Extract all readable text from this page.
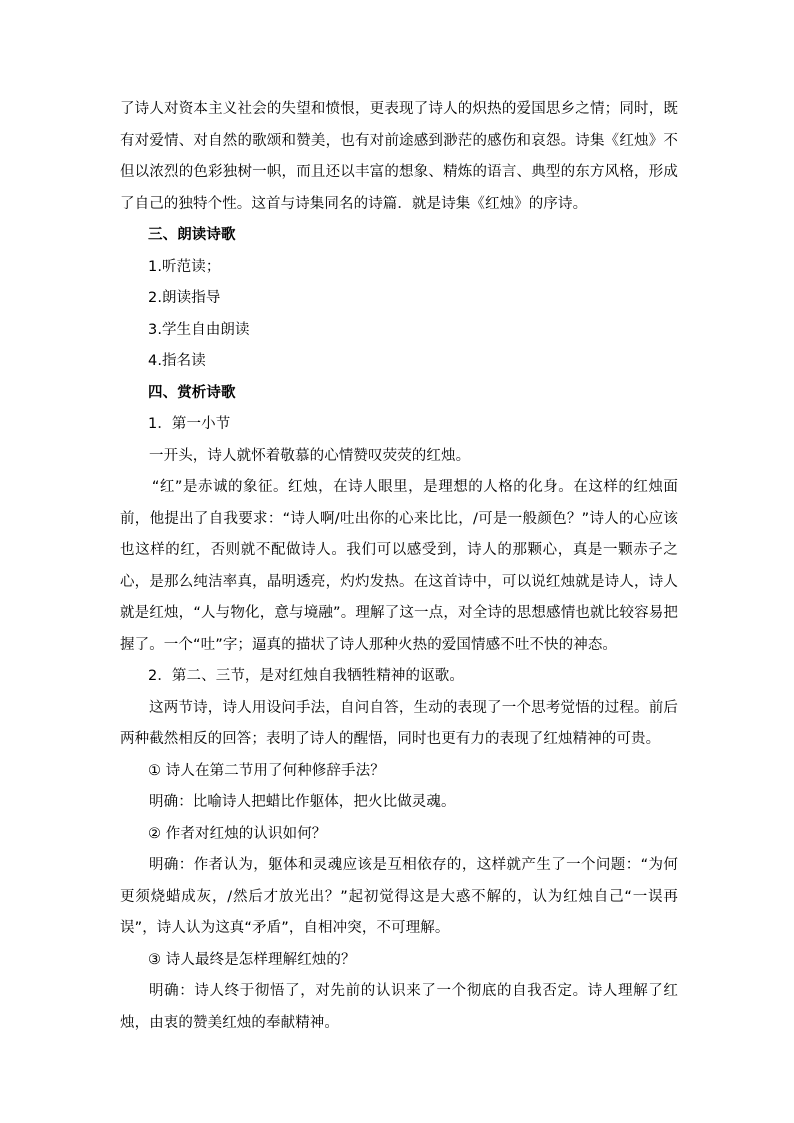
了诗人对资本主义社会的失望和愤恨，更表现了诗人的炽热的爱国思乡之情；同时，既有对爱情、对自然的歌颂和赞美，也有对前途感到渺茫的感伤和哀怨。诗集《红烛》不但以浓烈的色彩独树一帜，而且还以丰富的想象、精炼的语言、典型的东方风格，形成了自己的独特个性。这首与诗集同名的诗篇．就是诗集《红烛》的序诗。

三、朗读诗歌

1.听范读；

2.朗读指导

3.学生自由朗读

4.指名读

四、赏析诗歌

1．第一小节

一开头，诗人就怀着敬慕的心情赞叹荧荧的红烛。

“红”是赤诚的象征。红烛，在诗人眼里，是理想的人格的化身。在这样的红烛面前，他提出了自我要求：“诗人啊/吐出你的心来比比，/可是一般颜色？”诗人的心应该也这样的红，否则就不配做诗人。我们可以感受到，诗人的那颗心，真是一颗赤子之心，是那么纯洁率真，晶明透亮，灼灼发热。在这首诗中，可以说红烛就是诗人，诗人就是红烛，“人与物化，意与境融”。理解了这一点，对全诗的思想感情也就比较容易把握了。一个“吐”字；逼真的描状了诗人那种火热的爱国情感不吐不快的神态。

2．第二、三节，是对红烛自我牺牲精神的讴歌。

这两节诗，诗人用设问手法，自问自答，生动的表现了一个思考觉悟的过程。前后两种截然相反的回答；表明了诗人的醒悟，同时也更有力的表现了红烛精神的可贵。

① 诗人在第二节用了何种修辞手法？

明确：比喻诗人把蜡比作躯体，把火比做灵魂。

② 作者对红烛的认识如何？

明确：作者认为，躯体和灵魂应该是互相依存的，这样就产生了一个问题：“为何更须烧蜡成灰，/然后才放光出？”起初觉得这是大惑不解的，认为红烛自己“一误再误”，诗人认为这真“矛盾”，自相冲突，不可理解。

③ 诗人最终是怎样理解红烛的？

明确：诗人终于彻悟了，对先前的认识来了一个彻底的自我否定。诗人理解了红烛，由衷的赞美红烛的奉献精神。
